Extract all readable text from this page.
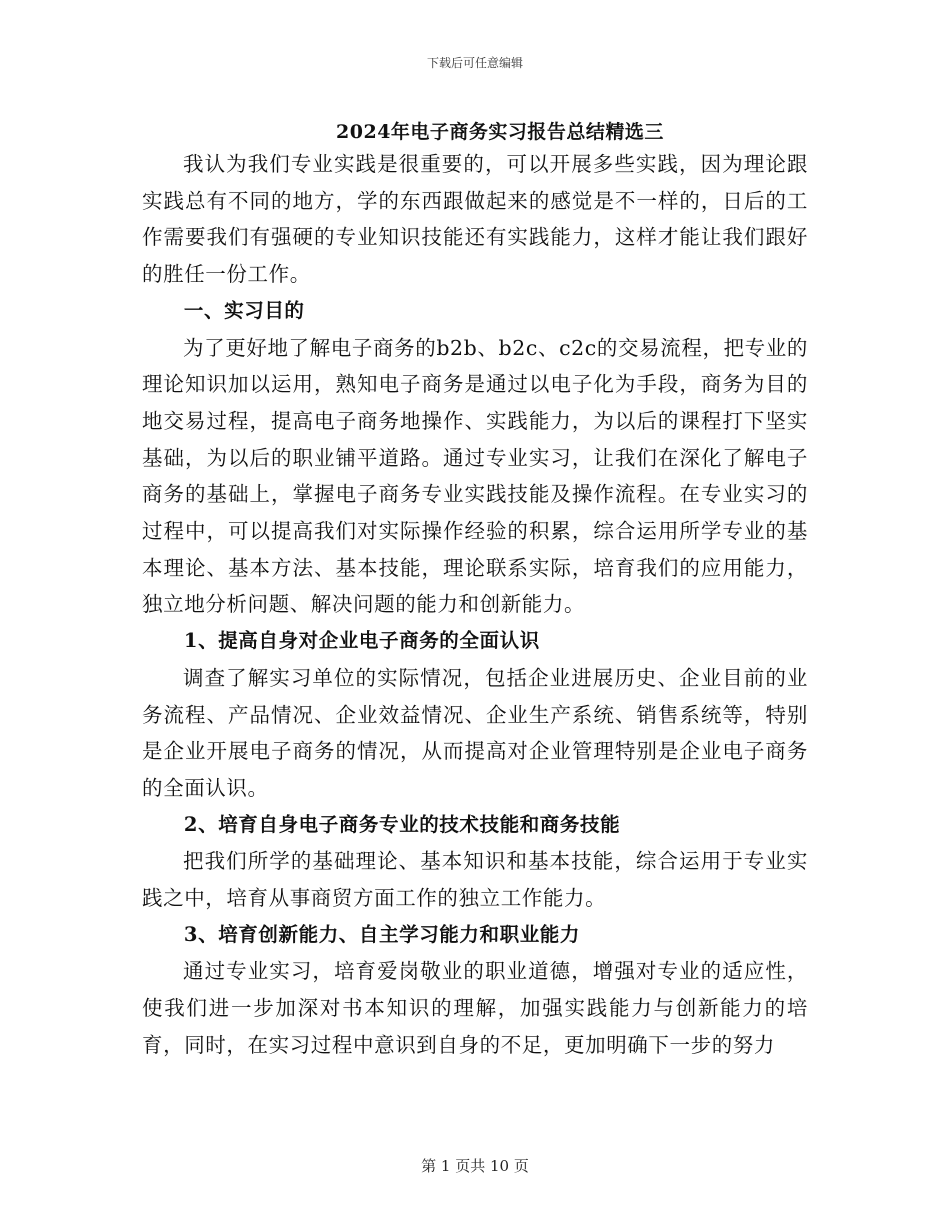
下载后可任意编辑
2024年电子商务实习报告总结精选三

我认为我们专业实践是很重要的，可以开展多些实践，因为理论跟实践总有不同的地方，学的东西跟做起来的感觉是不一样的，日后的工作需要我们有强硬的专业知识技能还有实践能力，这样才能让我们跟好的胜任一份工作。

一、实习目的

为了更好地了解电子商务的b2b、b2c、c2c的交易流程，把专业的理论知识加以运用，熟知电子商务是通过以电子化为手段，商务为目的地交易过程，提高电子商务地操作、实践能力，为以后的课程打下坚实基础，为以后的职业铺平道路。通过专业实习，让我们在深化了解电子商务的基础上，掌握电子商务专业实践技能及操作流程。在专业实习的过程中，可以提高我们对实际操作经验的积累，综合运用所学专业的基本理论、基本方法、基本技能，理论联系实际，培育我们的应用能力，独立地分析问题、解决问题的能力和创新能力。

1、提高自身对企业电子商务的全面认识

调查了解实习单位的实际情况，包括企业进展历史、企业目前的业务流程、产品情况、企业效益情况、企业生产系统、销售系统等，特别是企业开展电子商务的情况，从而提高对企业管理特别是企业电子商务的全面认识。

2、培育自身电子商务专业的技术技能和商务技能

把我们所学的基础理论、基本知识和基本技能，综合运用于专业实践之中，培育从事商贸方面工作的独立工作能力。

3、培育创新能力、自主学习能力和职业能力

通过专业实习，培育爱岗敬业的职业道德，增强对专业的适应性，使我们进一步加深对书本知识的理解，加强实践能力与创新能力的培育，同时，在实习过程中意识到自身的不足，更加明确下一步的努力

第 1 页共 10 页
